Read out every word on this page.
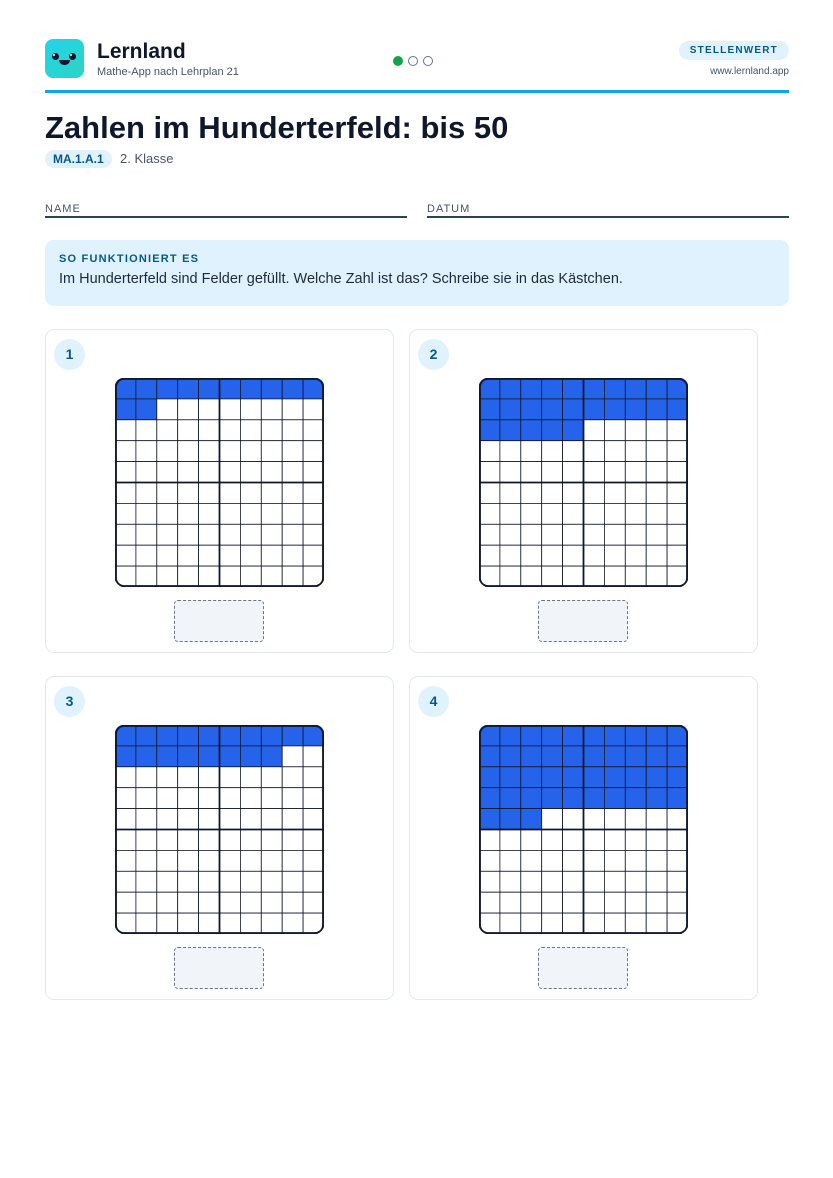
Lernland
Mathe-App nach Lehrplan 21
STELLENWERT
www.lernland.app
Zahlen im Hunderterfeld: bis 50
MA.1.A.1	2. Klasse
NAME	DATUM
SO FUNKTIONIERT ES
Im Hunderterfeld sind Felder gefüllt. Welche Zahl ist das? Schreibe sie in das Kästchen.
1	2
3	4
